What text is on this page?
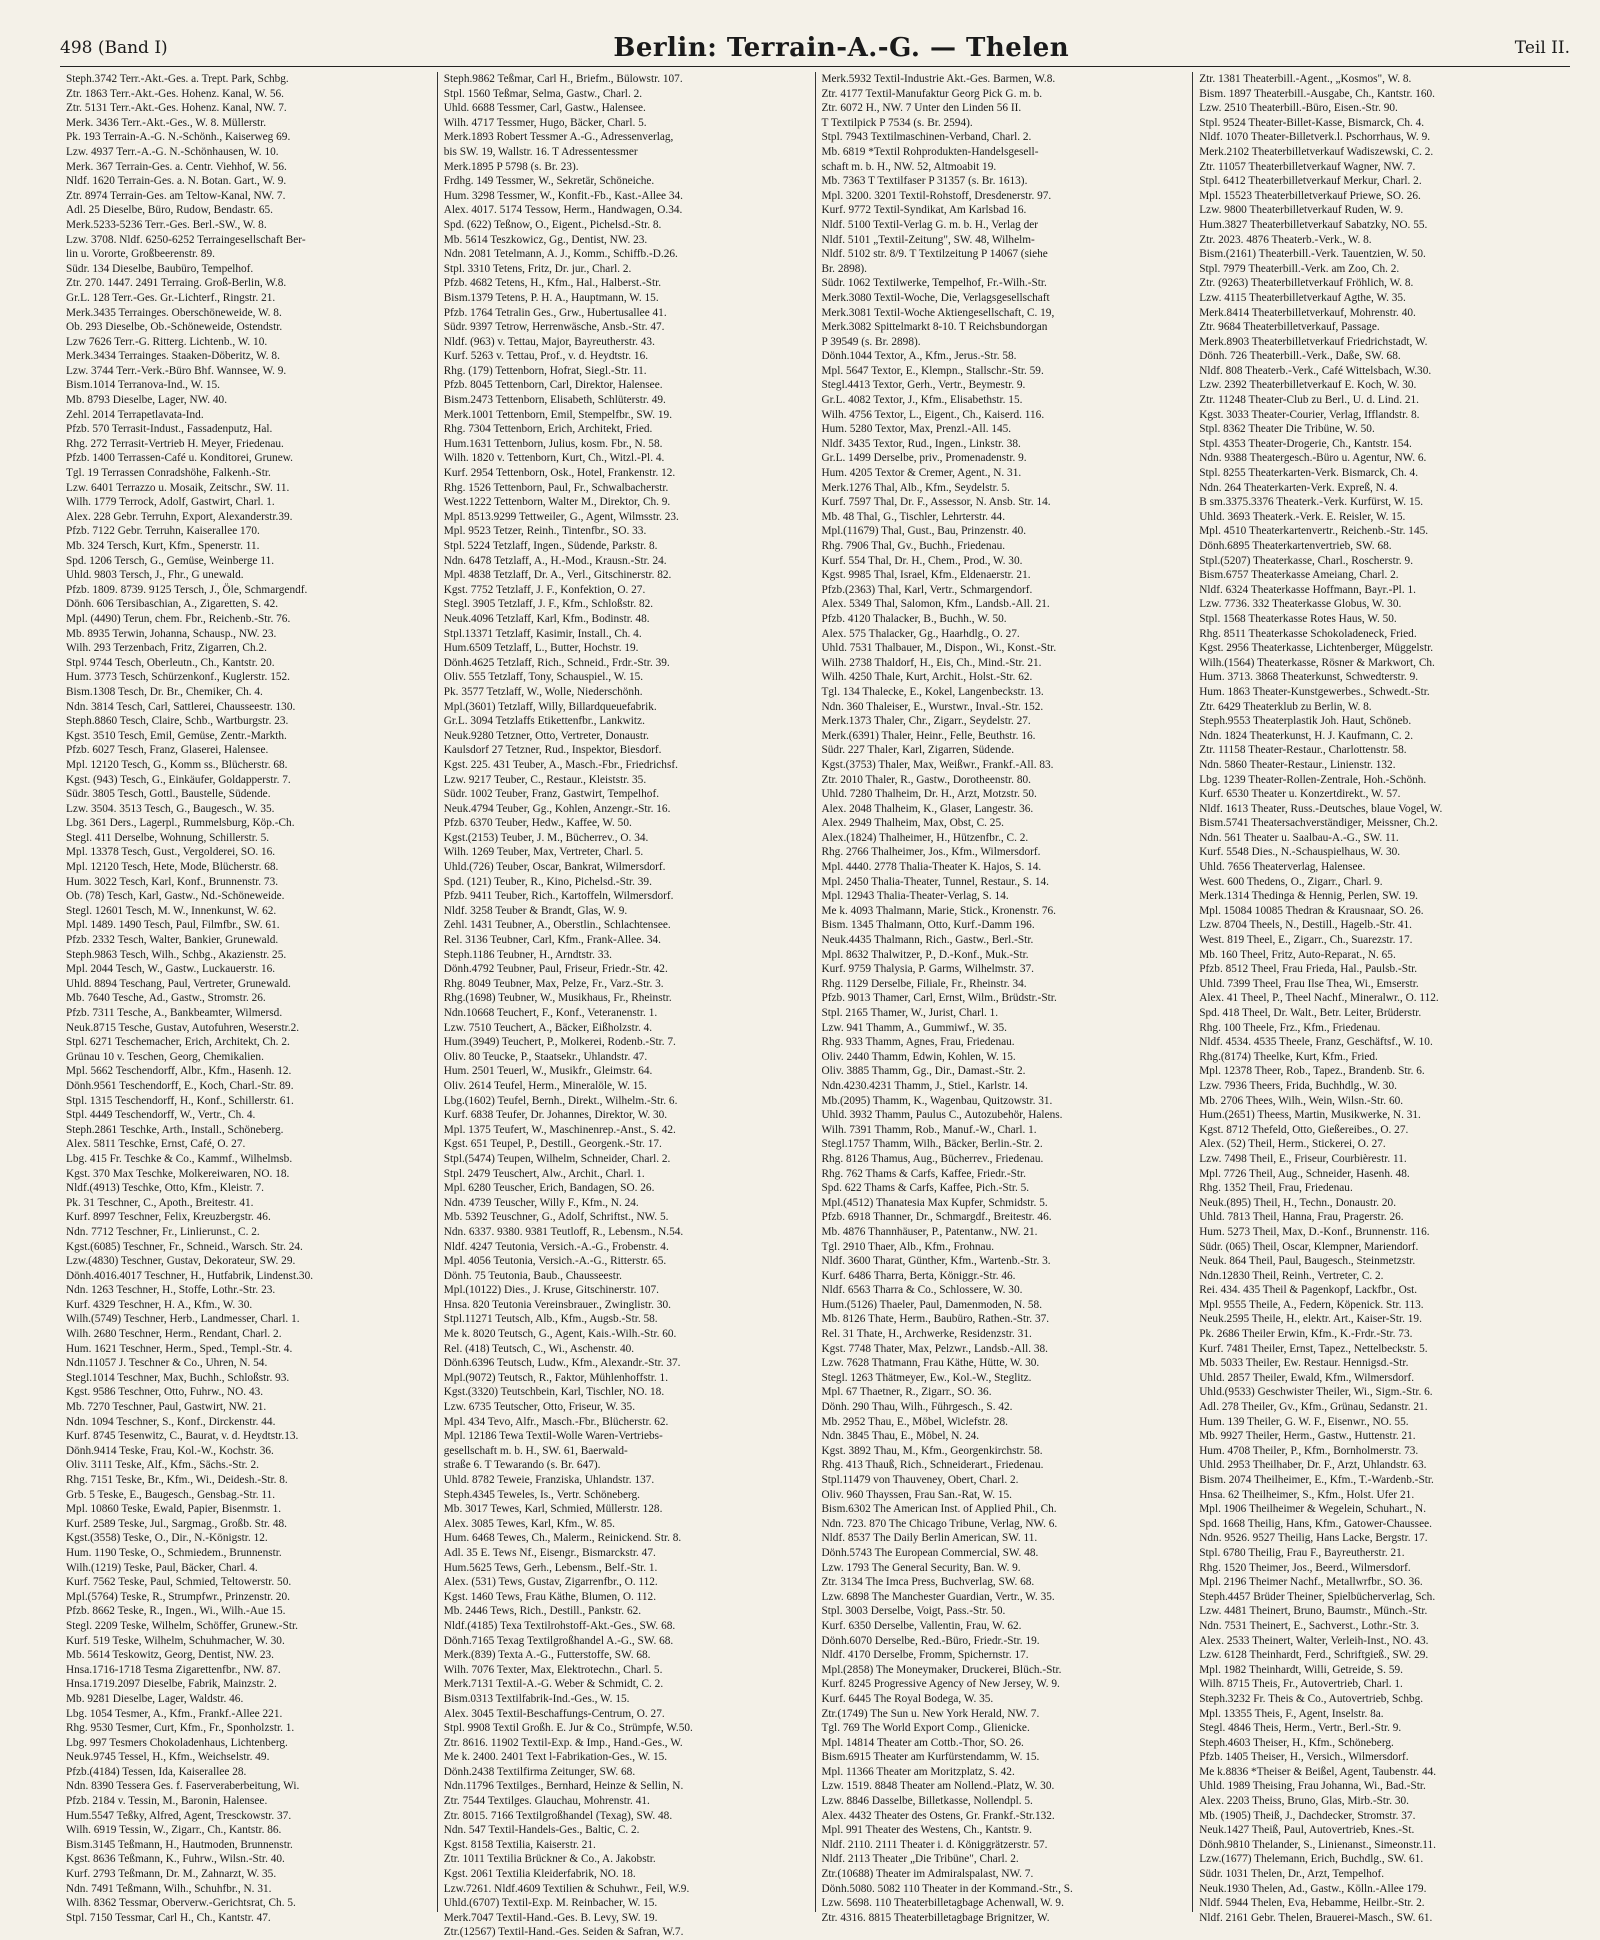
498 (Band I)	Berlin: Terrain-A.-G. — Thelen	Teil II.
Steph.3742 Terr.-Akt.-Ges. a. Trept. Park, Schbg.
Ztr. 1863 Terr.-Akt.-Ges. Hohenz. Kanal, W. 56.
Ztr. 5131 Terr.-Akt.-Ges. Hohenz. Kanal, NW. 7.
Merk. 3436 Terr.-Akt.-Ges., W. 8. Müllerstr.
Pk. 193 Terrain-A.-G. N.-Schönh., Kaiserweg 69.
Lzw. 4937 Terr.-A.-G. N.-Schönhausen, W. 10.
Merk. 367 Terrain-Ges. a. Centr. Viehhof, W. 56.
Nldf. 1620 Terrain-Ges. a. N. Botan. Gart., W. 9.
Ztr. 8974 Terrain-Ges. am Teltow-Kanal, NW. 7.
Adl. 25 Dieselbe, Büro, Rudow, Bendastr. 65.
Merk.5233-5236 Terr.-Ges. Berl.-SW., W. 8.
Lzw. 3708. Nldf. 6250-6252 Terraingesellschaft Ber-
lin u. Vororte, Großbeerenstr. 89.
Südr. 134 Dieselbe, Baubüro, Tempelhof.
Ztr. 270. 1447. 2491 Terraing. Groß-Berlin, W.8.
Gr.L. 128 Terr.-Ges. Gr.-Lichterf., Ringstr. 21.
Merk.3435 Terrainges. Oberschöneweide, W. 8.
Ob. 293 Dieselbe, Ob.-Schöneweide, Ostendstr.
Lzw 7626 Terr.-G. Ritterg. Lichtenb., W. 10.
Merk.3434 Terrainges. Staaken-Döberitz, W. 8.
Lzw. 3744 Terr.-Verk.-Büro Bhf. Wannsee, W. 9.
Bism.1014 Terranova-Ind., W. 15.
Mb. 8793 Dieselbe, Lager, NW. 40.
Zehl. 2014 Terrapetlavata-Ind.
Pfzb. 570 Terrasit-Indust., Fassadenputz, Hal.
Rhg. 272 Terrasit-Vertrieb H. Meyer, Friedenau.
Pfzb. 1400 Terrassen-Café u. Konditorei, Grunew.
Tgl. 19 Terrassen Conradshöhe, Falkenh.-Str.
Lzw. 6401 Terrazzo u. Mosaik, Zeitschr., SW. 11.
Wilh. 1779 Terrock, Adolf, Gastwirt, Charl. 1.
Alex. 228 Gebr. Terruhn, Export, Alexanderstr.39.
Pfzb. 7122 Gebr. Terruhn, Kaiserallee 170.
Mb. 324 Tersch, Kurt, Kfm., Spenerstr. 11.
Spd. 1206 Tersch, G., Gemüse, Weinberge 11.
Uhld. 9803 Tersch, J., Fhr., G unewald.
Pfzb. 1809. 8739. 9125 Tersch, J., Öle, Schmargendf.
Dönh. 606 Tersibaschian, A., Zigaretten, S. 42.
Mpl. (4490) Terun, chem. Fbr., Reichenb.-Str. 76.
Mb. 8935 Terwin, Johanna, Schausp., NW. 23.
Wilh. 293 Terzenbach, Fritz, Zigarren, Ch.2.
Stpl. 9744 Tesch, Oberleutn., Ch., Kantstr. 20.
Hum. 3773 Tesch, Schürzenkonf., Kuglerstr. 152.
Bism.1308 Tesch, Dr. Br., Chemiker, Ch. 4.
Ndn. 3814 Tesch, Carl, Sattlerei, Chausseestr. 130.
Steph.8860 Tesch, Claire, Schb., Wartburgstr. 23.
Kgst. 3510 Tesch, Emil, Gemüse, Zentr.-Markth.
Pfzb. 6027 Tesch, Franz, Glaserei, Halensee.
Mpl. 12120 Tesch, G., Komm ss., Blücherstr. 68.
Kgst. (943) Tesch, G., Einkäufer, Goldapperstr. 7.
Südr. 3805 Tesch, Gottl., Baustelle, Südende.
Lzw. 3504. 3513 Tesch, G., Baugesch., W. 35.
Lbg. 361 Ders., Lagerpl., Rummelsburg, Köp.-Ch.
Stegl. 411 Derselbe, Wohnung, Schillerstr. 5.
Mpl. 13378 Tesch, Gust., Vergolderei, SO. 16.
Mpl. 12120 Tesch, Hete, Mode, Blücherstr. 68.
Hum. 3022 Tesch, Karl, Konf., Brunnenstr. 73.
Ob. (78) Tesch, Karl, Gastw., Nd.-Schöneweide.
Stegl. 12601 Tesch, M. W., Innenkunst, W. 62.
Mpl. 1489. 1490 Tesch, Paul, Filmfbr., SW. 61.
Pfzb. 2332 Tesch, Walter, Bankier, Grunewald.
Steph.9863 Tesch, Wilh., Schbg., Akazienstr. 25.
Mpl. 2044 Tesch, W., Gastw., Luckauerstr. 16.
Uhld. 8894 Teschang, Paul, Vertreter, Grunewald.
Mb. 7640 Tesche, Ad., Gastw., Stromstr. 26.
Pfzb. 7311 Tesche, A., Bankbeamter, Wilmersd.
Neuk.8715 Tesche, Gustav, Autofuhren, Weserstr.2.
Stpl. 6271 Teschemacher, Erich, Architekt, Ch. 2.
Grünau 10 v. Teschen, Georg, Chemikalien.
Mpl. 5662 Teschendorff, Albr., Kfm., Hasenh. 12.
Dönh.9561 Teschendorff, E., Koch, Charl.-Str. 89.
Stpl. 1315 Teschendorff, H., Konf., Schillerstr. 61.
Stpl. 4449 Teschendorff, W., Vertr., Ch. 4.
Steph.2861 Teschke, Arth., Install., Schöneberg.
Alex. 5811 Teschke, Ernst, Café, O. 27.
Lbg. 415 Fr. Teschke & Co., Kammf., Wilhelmsb.
Kgst. 370 Max Teschke, Molkereiwaren, NO. 18.
Nldf.(4913) Teschke, Otto, Kfm., Kleistr. 7.
Pk. 31 Teschner, C., Apoth., Breitestr. 41.
Kurf. 8997 Teschner, Felix, Kreuzbergstr. 46.
Ndn. 7712 Teschner, Fr., Linlierunst., C. 2.
Kgst.(6085) Teschner, Fr., Schneid., Warsch. Str. 24.
Lzw.(4830) Teschner, Gustav, Dekorateur, SW. 29.
Dönh.4016.4017 Teschner, H., Hutfabrik, Lindenst.30.
Ndn. 1263 Teschner, H., Stoffe, Lothr.-Str. 23.
Kurf. 4329 Teschner, H. A., Kfm., W. 30.
Wilh.(5749) Teschner, Herb., Landmesser, Charl. 1.
Wilh. 2680 Teschner, Herm., Rendant, Charl. 2.
Hum. 1621 Teschner, Herm., Sped., Templ.-Str. 4.
Ndn.11057 J. Teschner & Co., Uhren, N. 54.
Stegl.1014 Teschner, Max, Buchh., Schloßstr. 93.
Kgst. 9586 Teschner, Otto, Fuhrw., NO. 43.
Mb. 7270 Teschner, Paul, Gastwirt, NW. 21.
Ndn. 1094 Teschner, S., Konf., Dirckenstr. 44.
Kurf. 8745 Tesenwitz, C., Baurat, v. d. Heydtstr.13.
Dönh.9414 Teske, Frau, Kol.-W., Kochstr. 36.
Oliv. 3111 Teske, Alf., Kfm., Sächs.-Str. 2.
Rhg. 7151 Teske, Br., Kfm., Wi., Deidesh.-Str. 8.
Grb. 5 Teske, E., Baugesch., Gensbag.-Str. 11.
Mpl. 10860 Teske, Ewald, Papier, Bisenmstr. 1.
Kurf. 2589 Teske, Jul., Sargmag., Großb. Str. 48.
Kgst.(3558) Teske, O., Dir., N.-Königstr. 12.
Hum. 1190 Teske, O., Schmiedem., Brunnenstr.
Wilh.(1219) Teske, Paul, Bäcker, Charl. 4.
Kurf. 7562 Teske, Paul, Schmied, Teltowerstr. 50.
Mpl.(5764) Teske, R., Strumpfwr., Prinzenstr. 20.
Pfzb. 8662 Teske, R., Ingen., Wi., Wilh.-Aue 15.
Stegl. 2209 Teske, Wilhelm, Schöffer, Grunew.-Str.
Kurf. 519 Teske, Wilhelm, Schuhmacher, W. 30.
Mb. 5614 Teskowitz, Georg, Dentist, NW. 23.
Hnsa.1716-1718 Tesma Zigarettenfbr., NW. 87.
Hnsa.1719.2097 Dieselbe, Fabrik, Mainzstr. 2.
Mb. 9281 Dieselbe, Lager, Waldstr. 46.
Lbg. 1054 Tesmer, A., Kfm., Frankf.-Allee 221.
Rhg. 9530 Tesmer, Curt, Kfm., Fr., Sponholzstr. 1.
Lbg. 997 Tesmers Chokoladenhaus, Lichtenberg.
Neuk.9745 Tessel, H., Kfm., Weichselstr. 49.
Pfzb.(4184) Tessen, Ida, Kaiserallee 28.
Ndn. 8390 Tessera Ges. f. Faserveraberbeitung, Wi.
Pfzb. 2184 v. Tessin, M., Baronin, Halensee.
Hum.5547 Teßky, Alfred, Agent, Tresckowstr. 37.
Wilh. 6919 Tessin, W., Zigarr., Ch., Kantstr. 86.
Bism.3145 Teßmann, H., Hautmoden, Brunnenstr.
Kgst. 8636 Teßmann, K., Fuhrw., Wilsn.-Str. 40.
Kurf. 2793 Teßmann, Dr. M., Zahnarzt, W. 35.
Ndn. 7491 Teßmann, Wilh., Schuhfbr., N. 31.
Wilh. 8362 Tessmar, Oberverw.-Gerichtsrat, Ch. 5.
Stpl. 7150 Tessmar, Carl H., Ch., Kantstr. 47.
Steph.9862 Teßmar, Carl H., Briefm., Bülowstr. 107.
Stpl. 1560 Teßmar, Selma, Gastw., Charl. 2.
Uhld. 6688 Tessmer, Carl, Gastw., Halensee.
Wilh. 4717 Tessmer, Hugo, Bäcker, Charl. 5.
Merk.1893 Robert Tessmer A.-G., Adressenverlag,
bis SW. 19, Wallstr. 16. T Adressentessmer
Merk.1895 P 5798 (s. Br. 23).
Frdhg. 149 Tessmer, W., Sekretär, Schöneiche.
Hum. 3298 Tessmer, W., Konfit.-Fb., Kast.-Allee 34.
Alex. 4017. 5174 Tessow, Herm., Handwagen, O.34.
Spd. (622) Teßnow, O., Eigent., Pichelsd.-Str. 8.
Mb. 5614 Teszkowicz, Gg., Dentist, NW. 23.
Ndn. 2081 Tetelmann, A. J., Komm., Schiffb.-D.26.
Stpl. 3310 Tetens, Fritz, Dr. jur., Charl. 2.
Pfzb. 4682 Tetens, H., Kfm., Hal., Halberst.-Str.
Bism.1379 Tetens, P. H. A., Hauptmann, W. 15.
Pfzb. 1764 Tetralin Ges., Grw., Hubertusallee 41.
Südr. 9397 Tetrow, Herrenwäsche, Ansb.-Str. 47.
Nldf. (963) v. Tettau, Major, Bayreutherstr. 43.
Kurf. 5263 v. Tettau, Prof., v. d. Heydtstr. 16.
Rhg. (179) Tettenborn, Hofrat, Siegl.-Str. 11.
Pfzb. 8045 Tettenborn, Carl, Direktor, Halensee.
Bism.2473 Tettenborn, Elisabeth, Schlüterstr. 49.
Merk.1001 Tettenborn, Emil, Stempelfbr., SW. 19.
Rhg. 7304 Tettenborn, Erich, Architekt, Fried.
Hum.1631 Tettenborn, Julius, kosm. Fbr., N. 58.
Wilh. 1820 v. Tettenborn, Kurt, Ch., Witzl.-Pl. 4.
Kurf. 2954 Tettenborn, Osk., Hotel, Frankenstr. 12.
Rhg. 1526 Tettenborn, Paul, Fr., Schwalbacherstr.
West.1222 Tettenborn, Walter M., Direktor, Ch. 9.
Mpl. 8513.9299 Tettweiler, G., Agent, Wilmsstr. 23.
Mpl. 9523 Tetzer, Reinh., Tintenfbr., SO. 33.
Stpl. 5224 Tetzlaff, Ingen., Südende, Parkstr. 8.
Ndn. 6478 Tetzlaff, A., H.-Mod., Krausn.-Str. 24.
Mpl. 4838 Tetzlaff, Dr. A., Verl., Gitschinerstr. 82.
Kgst. 7752 Tetzlaff, J. F., Konfektion, O. 27.
Stegl. 3905 Tetzlaff, J. F., Kfm., Schloßstr. 82.
Neuk.4096 Tetzlaff, Karl, Kfm., Bodinstr. 48.
Stpl.13371 Tetzlaff, Kasimir, Install., Ch. 4.
Hum.6509 Tetzlaff, L., Butter, Hochstr. 19.
Dönh.4625 Tetzlaff, Rich., Schneid., Frdr.-Str. 39.
Oliv. 555 Tetzlaff, Tony, Schauspiel., W. 15.
Pk. 3577 Tetzlaff, W., Wolle, Niederschönh.
Mpl.(3601) Tetzlaff, Willy, Billardqueuefabrik.
Gr.L. 3094 Tetzlaffs Etikettenfbr., Lankwitz.
Neuk.9280 Tetzner, Otto, Vertreter, Donaustr.
Kaulsdorf 27 Tetzner, Rud., Inspektor, Biesdorf.
Kgst. 225. 431 Teuber, A., Masch.-Fbr., Friedrichsf.
Lzw. 9217 Teuber, C., Restaur., Kleiststr. 35.
Südr. 1002 Teuber, Franz, Gastwirt, Tempelhof.
Neuk.4794 Teuber, Gg., Kohlen, Anzengr.-Str. 16.
Pfzb. 6370 Teuber, Hedw., Kaffee, W. 50.
Kgst.(2153) Teuber, J. M., Bücherrev., O. 34.
Wilh. 1269 Teuber, Max, Vertreter, Charl. 5.
Uhld.(726) Teuber, Oscar, Bankrat, Wilmersdorf.
Spd. (121) Teuber, R., Kino, Pichelsd.-Str. 39.
Pfzb. 9411 Teuber, Rich., Kartoffeln, Wilmersdorf.
Nldf. 3258 Teuber & Brandt, Glas, W. 9.
Zehl. 1431 Teubner, A., Oberstlin., Schlachtensee.
Rel. 3136 Teubner, Carl, Kfm., Frank-Allee. 34.
Steph.1186 Teubner, H., Arndtstr. 33.
Dönh.4792 Teubner, Paul, Friseur, Friedr.-Str. 42.
Rhg. 8049 Teubner, Max, Pelze, Fr., Varz.-Str. 3.
Rhg.(1698) Teubner, W., Musikhaus, Fr., Rheinstr.
Ndn.10668 Teuchert, F., Konf., Veteranenstr. 1.
Lzw. 7510 Teuchert, A., Bäcker, Eißholzstr. 4.
Hum.(3949) Teuchert, P., Molkerei, Rodenb.-Str. 7.
Oliv. 80 Teucke, P., Staatsekr., Uhlandstr. 47.
Hum. 2501 Teuerl, W., Musikfr., Gleimstr. 64.
Oliv. 2614 Teufel, Herm., Mineralöle, W. 15.
Lbg.(1602) Teufel, Bernh., Direkt., Wilhelm.-Str. 6.
Kurf. 6838 Teufer, Dr. Johannes, Direktor, W. 30.
Mpl. 1375 Teufert, W., Maschinenrep.-Anst., S. 42.
Kgst. 651 Teupel, P., Destill., Georgenk.-Str. 17.
Stpl.(5474) Teupen, Wilhelm, Schneider, Charl. 2.
Stpl. 2479 Teuschert, Alw., Archit., Charl. 1.
Mpl. 6280 Teuscher, Erich, Bandagen, SO. 26.
Ndn. 4739 Teuscher, Willy F., Kfm., N. 24.
Mb. 5392 Teuschner, G., Adolf, Schriftst., NW. 5.
Ndn. 6337. 9380. 9381 Teutloff, R., Lebensm., N.54.
Nldf. 4247 Teutonia, Versich.-A.-G., Frobenstr. 4.
Mpl. 4056 Teutonia, Versich.-A.-G., Ritterstr. 65.
Dönh. 75 Teutonia, Baub., Chausseestr.
Mpl.(10122) Dies., J. Kruse, Gitschinerstr. 107.
Hnsa. 820 Teutonia Vereinsbrauer., Zwinglistr. 30.
Stpl.11271 Teutsch, Alb., Kfm., Augsb.-Str. 58.
Me k. 8020 Teutsch, G., Agent, Kais.-Wilh.-Str. 60.
Rel. (418) Teutsch, C., Wi., Aschenstr. 40.
Dönh.6396 Teutsch, Ludw., Kfm., Alexandr.-Str. 37.
Mpl.(9072) Teutsch, R., Faktor, Mühlenhoffstr. 1.
Kgst.(3320) Teutschbein, Karl, Tischler, NO. 18.
Lzw. 6735 Teutscher, Otto, Friseur, W. 35.
Mpl. 434 Tevo, Alfr., Masch.-Fbr., Blücherstr. 62.
Mpl. 12186 Tewa Textil-Wolle Waren-Vertriebs-
gesellschaft m. b. H., SW. 61, Baerwald-
straße 6. T Tewarando (s. Br. 647).
Uhld. 8782 Teweie, Franziska, Uhlandstr. 137.
Steph.4345 Teweles, Is., Vertr. Schöneberg.
Mb. 3017 Tewes, Karl, Schmied, Müllerstr. 128.
Alex. 3085 Tewes, Karl, Kfm., W. 85.
Hum. 6468 Tewes, Ch., Malerm., Reinickend. Str. 8.
Adl. 35 E. Tews Nf., Eisengr., Bismarckstr. 47.
Hum.5625 Tews, Gerh., Lebensm., Belf.-Str. 1.
Alex. (531) Tews, Gustav, Zigarrenfbr., O. 112.
Kgst. 1460 Tews, Frau Käthe, Blumen, O. 112.
Mb. 2446 Tews, Rich., Destill., Pankstr. 62.
Nldf.(4185) Texa Textilrohstoff-Akt.-Ges., SW. 68.
Dönh.7165 Texag Textilgroßhandel A.-G., SW. 68.
Merk.(839) Texta A.-G., Futterstoffe, SW. 68.
Wilh. 7076 Texter, Max, Elektrotechn., Charl. 5.
Merk.7131 Textil-A.-G. Weber & Schmidt, C. 2.
Bism.0313 Textilfabrik-Ind.-Ges., W. 15.
Alex. 3045 Textil-Beschaffungs-Centrum, O. 27.
Stpl. 9908 Textil Großh. E. Jur & Co., Strümpfe, W.50.
Ztr. 8616. 11902 Textil-Exp. & Imp., Hand.-Ges., W.
Me k. 2400. 2401 Text l-Fabrikation-Ges., W. 15.
Dönh.2438 Textilfirma Zeitunger, SW. 68.
Ndn.11796 Textilges., Bernhard, Heinze & Sellin, N.
Ztr. 7544 Textilges. Glauchau, Mohrenstr. 41.
Ztr. 8015. 7166 Textilgroßhandel (Texag), SW. 48.
Ndn. 547 Textil-Handels-Ges., Baltic, C. 2.
Kgst. 8158 Textilia, Kaiserstr. 21.
Ztr. 1011 Textilia Brückner & Co., A. Jakobstr.
Kgst. 2061 Textilia Kleiderfabrik, NO. 18.
Lzw.7261. Nldf.4609 Textilien & Schuhwr., Feil, W.9.
Uhld.(6707) Textil-Exp. M. Reinbacher, W. 15.
Merk.7047 Textil-Hand.-Ges. B. Levy, SW. 19.
Ztr.(12567) Textil-Hand.-Ges. Seiden & Safran, W.7.
Merk.5932 Textil-Industrie Akt.-Ges. Barmen, W.8.
Ztr. 4177 Textil-Manufaktur Georg Pick G. m. b.
Ztr. 6072 H., NW. 7 Unter den Linden 56 II.
T Textilpick P 7534 (s. Br. 2594).
Stpl. 7943 Textilmaschinen-Verband, Charl. 2.
Mb. 6819 *Textil Rohprodukten-Handelsgesell-
schaft m. b. H., NW. 52, Altmoabit 19.
Mb. 7363 T Textilfaser P 31357 (s. Br. 1613).
Mpl. 3200. 3201 Textil-Rohstoff, Dresdenerstr. 97.
Kurf. 9772 Textil-Syndikat, Am Karlsbad 16.
Nldf. 5100 Textil-Verlag G. m. b. H., Verlag der
Nldf. 5101 „Textil-Zeitung", SW. 48, Wilhelm-
Nldf. 5102 str. 8/9. T Textilzeitung P 14067 (siehe
Br. 2898).
Südr. 1062 Textilwerke, Tempelhof, Fr.-Wilh.-Str.
Merk.3080 Textil-Woche, Die, Verlagsgesellschaft
Merk.3081 Textil-Woche Aktiengesellschaft, C. 19,
Merk.3082 Spittelmarkt 8-10. T Reichsbundorgan
P 39549 (s. Br. 2898).
Dönh.1044 Textor, A., Kfm., Jerus.-Str. 58.
Mpl. 5647 Textor, E., Klempn., Stallschr.-Str. 59.
Stegl.4413 Textor, Gerh., Vertr., Beymestr. 9.
Gr.L. 4082 Textor, J., Kfm., Elisabethstr. 15.
Wilh. 4756 Textor, L., Eigent., Ch., Kaiserd. 116.
Hum. 5280 Textor, Max, Prenzl.-All. 145.
Nldf. 3435 Textor, Rud., Ingen., Linkstr. 38.
Gr.L. 1499 Derselbe, priv., Promenadenstr. 9.
Hum. 4205 Textor & Cremer, Agent., N. 31.
Merk.1276 Thal, Alb., Kfm., Seydelstr. 5.
Kurf. 7597 Thal, Dr. F., Assessor, N. Ansb. Str. 14.
Mb. 48 Thal, G., Tischler, Lehrterstr. 44.
Mpl.(11679) Thal, Gust., Bau, Prinzenstr. 40.
Rhg. 7906 Thal, Gv., Buchh., Friedenau.
Kurf. 554 Thal, Dr. H., Chem., Prod., W. 30.
Kgst. 9985 Thal, Israel, Kfm., Eldenaerstr. 21.
Pfzb.(2363) Thal, Karl, Vertr., Schmargendorf.
Alex. 5349 Thal, Salomon, Kfm., Landsb.-All. 21.
Pfzb. 4120 Thalacker, B., Buchh., W. 50.
Alex. 575 Thalacker, Gg., Haarhdlg., O. 27.
Uhld. 7531 Thalbauer, M., Dispon., Wi., Konst.-Str.
Wilh. 2738 Thaldorf, H., Eis, Ch., Mind.-Str. 21.
Wilh. 4250 Thale, Kurt, Archit., Holst.-Str. 62.
Tgl. 134 Thalecke, E., Kokel, Langenbeckstr. 13.
Ndn. 360 Thaleiser, E., Wurstwr., Inval.-Str. 152.
Merk.1373 Thaler, Chr., Zigarr., Seydelstr. 27.
Merk.(6391) Thaler, Heinr., Felle, Beuthstr. 16.
Südr. 227 Thaler, Karl, Zigarren, Südende.
Kgst.(3753) Thaler, Max, Weißwr., Frankf.-All. 83.
Ztr. 2010 Thaler, R., Gastw., Dorotheenstr. 80.
Uhld. 7280 Thalheim, Dr. H., Arzt, Motzstr. 50.
Alex. 2048 Thalheim, K., Glaser, Langestr. 36.
Alex. 2949 Thalheim, Max, Obst, C. 25.
Alex.(1824) Thalheimer, H., Hützenfbr., C. 2.
Rhg. 2766 Thalheimer, Jos., Kfm., Wilmersdorf.
Mpl. 4440. 2778 Thalia-Theater K. Hajos, S. 14.
Mpl. 2450 Thalia-Theater, Tunnel, Restaur., S. 14.
Mpl. 12943 Thalia-Theater-Verlag, S. 14.
Me k. 4093 Thalmann, Marie, Stick., Kronenstr. 76.
Bism. 1345 Thalmann, Otto, Kurf.-Damm 196.
Neuk.4435 Thalmann, Rich., Gastw., Berl.-Str.
Mpl. 8632 Thalwitzer, P., D.-Konf., Muk.-Str.
Kurf. 9759 Thalysia, P. Garms, Wilhelmstr. 37.
Rhg. 1129 Derselbe, Filiale, Fr., Rheinstr. 34.
Pfzb. 9013 Thamer, Carl, Ernst, Wilm., Brüdstr.-Str.
Stpl. 2165 Thamer, W., Jurist, Charl. 1.
Lzw. 941 Thamm, A., Gummiwf., W. 35.
Rhg. 933 Thamm, Agnes, Frau, Friedenau.
Oliv. 2440 Thamm, Edwin, Kohlen, W. 15.
Oliv. 3885 Thamm, Gg., Dir., Damast.-Str. 2.
Ndn.4230.4231 Thamm, J., Stiel., Karlstr. 14.
Mb.(2095) Thamm, K., Wagenbau, Quitzowstr. 31.
Uhld. 3932 Thamm, Paulus C., Autozubehör, Halens.
Wilh. 7391 Thamm, Rob., Manuf.-W., Charl. 1.
Stegl.1757 Thamm, Wilh., Bäcker, Berlin.-Str. 2.
Rhg. 8126 Thamus, Aug., Bücherrev., Friedenau.
Rhg. 762 Thams & Carfs, Kaffee, Friedr.-Str.
Spd. 622 Thams & Carfs, Kaffee, Pich.-Str. 5.
Mpl.(4512) Thanatesia Max Kupfer, Schmidstr. 5.
Pfzb. 6918 Thanner, Dr., Schmargdf., Breitestr. 46.
Mb. 4876 Thannhäuser, P., Patentanw., NW. 21.
Tgl. 2910 Thaer, Alb., Kfm., Frohnau.
Nldf. 3600 Tharat, Günther, Kfm., Wartenb.-Str. 3.
Kurf. 6486 Tharra, Berta, Königgr.-Str. 46.
Nldf. 6563 Tharra & Co., Schlossere, W. 30.
Hum.(5126) Thaeler, Paul, Damenmoden, N. 58.
Mb. 8126 Thate, Herm., Baubüro, Rathen.-Str. 37.
Rel. 31 Thate, H., Archwerke, Residenzstr. 31.
Kgst. 7748 Thater, Max, Pelzwr., Landsb.-All. 38.
Lzw. 7628 Thatmann, Frau Käthe, Hütte, W. 30.
Stegl. 1263 Thätmeyer, Ew., Kol.-W., Steglitz.
Mpl. 67 Thaetner, R., Zigarr., SO. 36.
Dönh. 290 Thau, Wilh., Führgesch., S. 42.
Mb. 2952 Thau, E., Möbel, Wiclefstr. 28.
Ndn. 3845 Thau, E., Möbel, N. 24.
Kgst. 3892 Thau, M., Kfm., Georgenkirchstr. 58.
Rhg. 413 Thauß, Rich., Schneiderart., Friedenau.
Stpl.11479 von Thauveney, Obert, Charl. 2.
Oliv. 960 Thayssen, Frau San.-Rat, W. 15.
Bism.6302 The American Inst. of Applied Phil., Ch.
Ndn. 723. 870 The Chicago Tribune, Verlag, NW. 6.
Nldf. 8537 The Daily Berlin American, SW. 11.
Dönh.5743 The European Commercial, SW. 48.
Lzw. 1793 The General Security, Ban. W. 9.
Ztr. 3134 The Imca Press, Buchverlag, SW. 68.
Lzw. 6898 The Manchester Guardian, Vertr., W. 35.
Stpl. 3003 Derselbe, Voigt, Pass.-Str. 50.
Kurf. 6350 Derselbe, Vallentin, Frau, W. 62.
Dönh.6070 Derselbe, Red.-Büro, Friedr.-Str. 19.
Nldf. 4170 Derselbe, Fromm, Spichernstr. 17.
Mpl.(2858) The Moneymaker, Druckerei, Blüch.-Str.
Kurf. 8245 Progressive Agency of New Jersey, W. 9.
Kurf. 6445 The Royal Bodega, W. 35.
Ztr.(1749) The Sun u. New York Herald, NW. 7.
Tgl. 769 The World Export Comp., Glienicke.
Mpl. 14814 Theater am Cottb.-Thor, SO. 26.
Bism.6915 Theater am Kurfürstendamm, W. 15.
Mpl. 11366 Theater am Moritzplatz, S. 42.
Lzw. 1519. 8848 Theater am Nollend.-Platz, W. 30.
Lzw. 8846 Dasselbe, Billetkasse, Nollendpl. 5.
Alex. 4432 Theater des Ostens, Gr. Frankf.-Str.132.
Mpl. 991 Theater des Westens, Ch., Kantstr. 9.
Nldf. 2110. 2111 Theater i. d. Königgrätzerstr. 57.
Nldf. 2113 Theater „Die Tribüne", Charl. 2.
Ztr.(10688) Theater im Admiralspalast, NW. 7.
Dönh.5080. 5082 110 Theater in der Kommand.-Str., S.
Lzw. 5698. 110 Theaterbilletagbage Achenwall, W. 9.
Ztr. 4316. 8815 Theaterbilletagbage Brignitzer, W.
Ztr. 1381 Theaterbill.-Agent., „Kosmos", W. 8.
Bism. 1897 Theaterbill.-Ausgabe, Ch., Kantstr. 160.
Lzw. 2510 Theaterbill.-Büro, Eisen.-Str. 90.
Stpl. 9524 Theater-Billet-Kasse, Bismarck, Ch. 4.
Nldf. 1070 Theater-Billetverk.l. Pschorrhaus, W. 9.
Merk.2102 Theaterbilletverkauf Wadiszewski, C. 2.
Ztr. 11057 Theaterbilletverkauf Wagner, NW. 7.
Stpl. 6412 Theaterbilletverkauf Merkur, Charl. 2.
Mpl. 15523 Theaterbilletverkauf Priewe, SO. 26.
Lzw. 9800 Theaterbilletverkauf Ruden, W. 9.
Hum.3827 Theaterbilletverkauf Sabatzky, NO. 55.
Ztr. 2023. 4876 Theaterb.-Verk., W. 8.
Bism.(2161) Theaterbill.-Verk. Tauentzien, W. 50.
Stpl. 7979 Theaterbill.-Verk. am Zoo, Ch. 2.
Ztr. (9263) Theaterbilletverkauf Fröhlich, W. 8.
Lzw. 4115 Theaterbilletverkauf Agthe, W. 35.
Merk.8414 Theaterbilletverkauf, Mohrenstr. 40.
Ztr. 9684 Theaterbilletverkauf, Passage.
Merk.8903 Theaterbilletverkauf Friedrichstadt, W.
Dönh. 726 Theaterbill.-Verk., Daße, SW. 68.
Nldf. 808 Theaterb.-Verk., Café Wittelsbach, W.30.
Lzw. 2392 Theaterbilletverkauf E. Koch, W. 30.
Ztr. 11248 Theater-Club zu Berl., U. d. Lind. 21.
Kgst. 3033 Theater-Courier, Verlag, Ifflandstr. 8.
Stpl. 8362 Theater Die Tribüne, W. 50.
Stpl. 4353 Theater-Drogerie, Ch., Kantstr. 154.
Ndn. 9388 Theatergesch.-Büro u. Agentur, NW. 6.
Stpl. 8255 Theaterkarten-Verk. Bismarck, Ch. 4.
Ndn. 264 Theaterkarten-Verk. Expreß, N. 4.
B sm.3375.3376 Theaterk.-Verk. Kurfürst, W. 15.
Uhld. 3693 Theaterk.-Verk. E. Reisler, W. 15.
Mpl. 4510 Theaterkartenvertr., Reichenb.-Str. 145.
Dönh.6895 Theaterkartenvertrieb, SW. 68.
Stpl.(5207) Theaterkasse, Charl., Roscherstr. 9.
Bism.6757 Theaterkasse Ameiang, Charl. 2.
Nldf. 6324 Theaterkasse Hoffmann, Bayr.-Pl. 1.
Lzw. 7736. 332 Theaterkasse Globus, W. 30.
Stpl. 1568 Theaterkasse Rotes Haus, W. 50.
Rhg. 8511 Theaterkasse Schokoladeneck, Fried.
Kgst. 2956 Theaterkasse, Lichtenberger, Müggelstr.
Wilh.(1564) Theaterkasse, Rösner & Markwort, Ch.
Hum. 3713. 3868 Theaterkunst, Schwedterstr. 9.
Hum. 1863 Theater-Kunstgewerbes., Schwedt.-Str.
Ztr. 6429 Theaterklub zu Berlin, W. 8.
Steph.9553 Theaterplastik Joh. Haut, Schöneb.
Ndn. 1824 Theaterkunst, H. J. Kaufmann, C. 2.
Ztr. 11158 Theater-Restaur., Charlottenstr. 58.
Ndn. 5860 Theater-Restaur., Linienstr. 132.
Lbg. 1239 Theater-Rollen-Zentrale, Hoh.-Schönh.
Kurf. 6530 Theater u. Konzertdirekt., W. 57.
Nldf. 1613 Theater, Russ.-Deutsches, blaue Vogel, W.
Bism.5741 Theatersachverständiger, Meissner, Ch.2.
Ndn. 561 Theater u. Saalbau-A.-G., SW. 11.
Kurf. 5548 Dies., N.-Schauspielhaus, W. 30.
Uhld. 7656 Theaterverlag, Halensee.
West. 600 Thedens, O., Zigarr., Charl. 9.
Merk.1314 Thedinga & Hennig, Perlen, SW. 19.
Mpl. 15084 10085 Thedran & Krausnaar, SO. 26.
Lzw. 8704 Theels, N., Destill., Hagelb.-Str. 41.
West. 819 Theel, E., Zigarr., Ch., Suarezstr. 17.
Mb. 160 Theel, Fritz, Auto-Reparat., N. 65.
Pfzb. 8512 Theel, Frau Frieda, Hal., Paulsb.-Str.
Uhld. 7399 Theel, Frau Ilse Thea, Wi., Emserstr.
Alex. 41 Theel, P., Theel Nachf., Mineralwr., O. 112.
Spd. 418 Theel, Dr. Walt., Betr. Leiter, Brüderstr.
Rhg. 100 Theele, Frz., Kfm., Friedenau.
Nldf. 4534. 4535 Theele, Franz, Geschäftsf., W. 10.
Rhg.(8174) Theelke, Kurt, Kfm., Fried.
Mpl. 12378 Theer, Rob., Tapez., Brandenb. Str. 6.
Lzw. 7936 Theers, Frida, Buchhdlg., W. 30.
Mb. 2706 Thees, Wilh., Wein, Wilsn.-Str. 60.
Hum.(2651) Theess, Martin, Musikwerke, N. 31.
Kgst. 8712 Thefeld, Otto, Gießereibes., O. 27.
Alex. (52) Theil, Herm., Stickerei, O. 27.
Lzw. 7498 Theil, E., Friseur, Courbièrestr. 11.
Mpl. 7726 Theil, Aug., Schneider, Hasenh. 48.
Rhg. 1352 Theil, Frau, Friedenau.
Neuk.(895) Theil, H., Techn., Donaustr. 20.
Uhld. 7813 Theil, Hanna, Frau, Pragerstr. 26.
Hum. 5273 Theil, Max, D.-Konf., Brunnenstr. 116.
Südr. (065) Theil, Oscar, Klempner, Mariendorf.
Neuk. 864 Theil, Paul, Baugesch., Steinmetzstr.
Ndn.12830 Theil, Reinh., Vertreter, C. 2.
Rei. 434. 435 Theil & Pagenkopf, Lackfbr., Ost.
Mpl. 9555 Theile, A., Federn, Köpenick. Str. 113.
Neuk.2595 Theile, H., elektr. Art., Kaiser-Str. 19.
Pk. 2686 Theiler Erwin, Kfm., K.-Frdr.-Str. 73.
Kurf. 7481 Theiler, Ernst, Tapez., Nettelbeckstr. 5.
Mb. 5033 Theiler, Ew. Restaur. Hennigsd.-Str.
Uhld. 2857 Theiler, Ewald, Kfm., Wilmersdorf.
Uhld.(9533) Geschwister Theiler, Wi., Sigm.-Str. 6.
Adl. 278 Theiler, Gv., Kfm., Grünau, Sedanstr. 21.
Hum. 139 Theiler, G. W. F., Eisenwr., NO. 55.
Mb. 9927 Theiler, Herm., Gastw., Huttenstr. 21.
Hum. 4708 Theiler, P., Kfm., Bornholmerstr. 73.
Uhld. 2953 Theilhaber, Dr. F., Arzt, Uhlandstr. 63.
Bism. 2074 Theilheimer, E., Kfm., T.-Wardenb.-Str.
Hnsa. 62 Theilheimer, S., Kfm., Holst. Ufer 21.
Mpl. 1906 Theilheimer & Wegelein, Schuhart., N.
Spd. 1668 Theilig, Hans, Kfm., Gatower-Chaussee.
Ndn. 9526. 9527 Theilig, Hans Lacke, Bergstr. 17.
Stpl. 6780 Theilig, Frau F., Bayreutherstr. 21.
Rhg. 1520 Theimer, Jos., Beerd., Wilmersdorf.
Mpl. 2196 Theimer Nachf., Metallwrfbr., SO. 36.
Steph.4457 Brüder Theiner, Spielbücherverlag, Sch.
Lzw. 4481 Theinert, Bruno, Baumstr., Münch.-Str.
Ndn. 7531 Theinert, E., Sachverst., Lothr.-Str. 3.
Alex. 2533 Theinert, Walter, Verleih-Inst., NO. 43.
Lzw. 6128 Theinhardt, Ferd., Schriftgieß., SW. 29.
Mpl. 1982 Theinhardt, Willi, Getreide, S. 59.
Wilh. 8715 Theis, Fr., Autovertrieb, Charl. 1.
Steph.3232 Fr. Theis & Co., Autovertrieb, Schbg.
Mpl. 13355 Theis, F., Agent, Inselstr. 8a.
Stegl. 4846 Theis, Herm., Vertr., Berl.-Str. 9.
Steph.4603 Theiser, H., Kfm., Schöneberg.
Pfzb. 1405 Theiser, H., Versich., Wilmersdorf.
Me k.8836 *Theiser & Beißel, Agent, Taubenstr. 44.
Uhld. 1989 Theising, Frau Johanna, Wi., Bad.-Str.
Alex. 2203 Theiss, Bruno, Glas, Mirb.-Str. 30.
Mb. (1905) Theiß, J., Dachdecker, Stromstr. 37.
Neuk.1427 Theiß, Paul, Autovertrieb, Knes.-St.
Dönh.9810 Thelander, S., Linienanst., Simeonstr.11.
Lzw.(1677) Thelemann, Erich, Buchdlg., SW. 61.
Südr. 1031 Thelen, Dr., Arzt, Tempelhof.
Neuk.1930 Thelen, Ad., Gastw., Kölln.-Allee 179.
Nldf. 5944 Thelen, Eva, Hebamme, Heilbr.-Str. 2.
Nldf. 2161 Gebr. Thelen, Brauerei-Masch., SW. 61.
